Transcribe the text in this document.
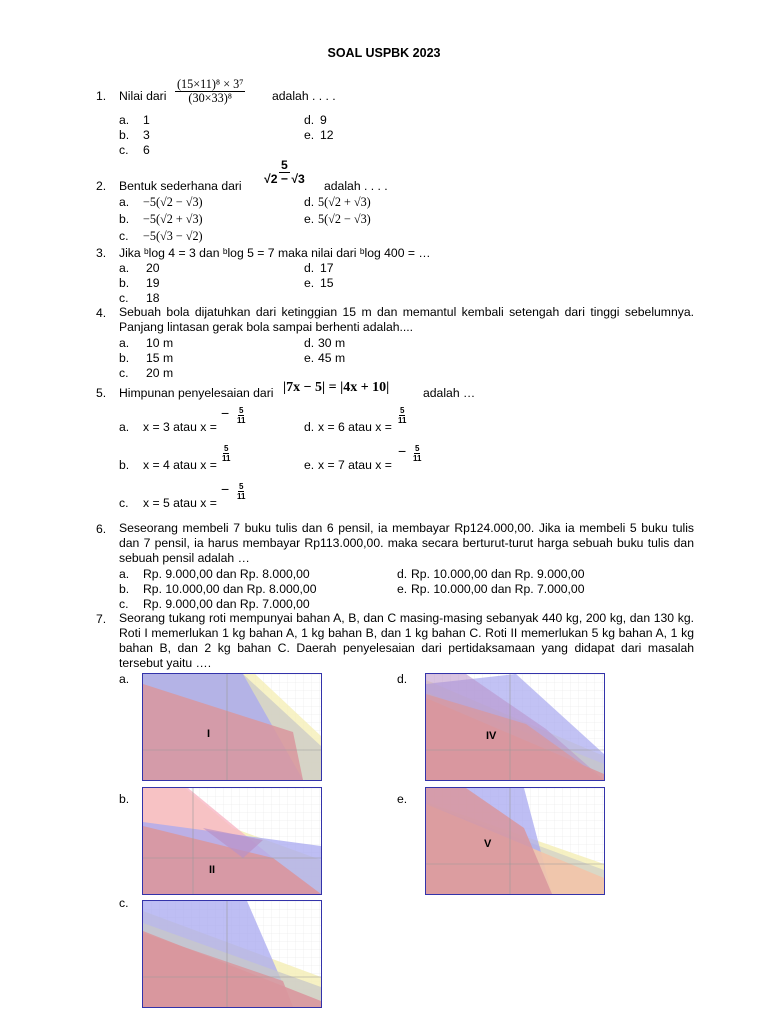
SOAL USPBK 2023
1. Nilai dari $\frac{\text{(15×11)⁸ × 3⁷}}{\text{(30×33)⁸}}$ adalah . . . .
a. 1
b. 3
c. 6
d. 9
e. 12
2. Bentuk sederhana dari $\frac{5}{√2 - √3}$ adalah . . . .
a. −5(√2 − √3)
b. −5(√2 + √3)
c. −5(√3 − √2)
d. 5(√2 + √3)
e. 5(√2 − √3)
3. Jika ᵇlog 4 = 3 dan ᵇlog 5 = 7 maka nilai dari ᵇlog 400 = …
a. 20
b. 19
c. 18
d. 17
e. 15
4. Sebuah bola dijatuhkan dari ketinggian 15 m dan memantul kembali setengah dari tinggi sebelumnya. Panjang lintasan gerak bola sampai berhenti adalah....
a. 10 m
b. 15 m
c. 20 m
d. 30 m
e. 45 m
5. Himpunan penyelesaian dari |7x − 5| = |4x + 10|	adalah …
a. x = 3 atau x =
− $\frac{5}{11}$
d. x = 6 atau x =
$\frac{5}{11}$
b. x = 4 atau x =
$\frac{5}{11}$
e. x = 7 atau x =
− $\frac{5}{11}$
c. x = 5 atau x =
− $\frac{5}{11}$
6. Seseorang membeli 7 buku tulis dan 6 pensil, ia membayar Rp124.000,00. Jika ia membeli 5 buku tulis dan 7 pensil, ia harus membayar Rp113.000,00. maka secara berturut-turut harga sebuah buku tulis dan sebuah pensil adalah …
a. Rp. 9.000,00 dan Rp. 8.000,00
b. Rp. 10.000,00 dan Rp. 8.000,00
c. Rp. 9.000,00 dan Rp. 7.000,00
d. Rp. 10.000,00 dan Rp. 9.000,00
e. Rp. 10.000,00 dan Rp. 7.000,00
7. Seorang tukang roti mempunyai bahan A, B, dan C masing-masing sebanyak 440 kg, 200 kg, dan 130 kg. Roti I memerlukan 1 kg bahan A, 1 kg bahan B, dan 1 kg bahan C. Roti II memerlukan 5 kg bahan A, 1 kg bahan B, dan 2 kg bahan C. Daerah penyelesaian dari pertidaksamaan yang didapat dari masalah tersebut yaitu ….
a.	d.
b.	e.
c.
I	IV
II
V
